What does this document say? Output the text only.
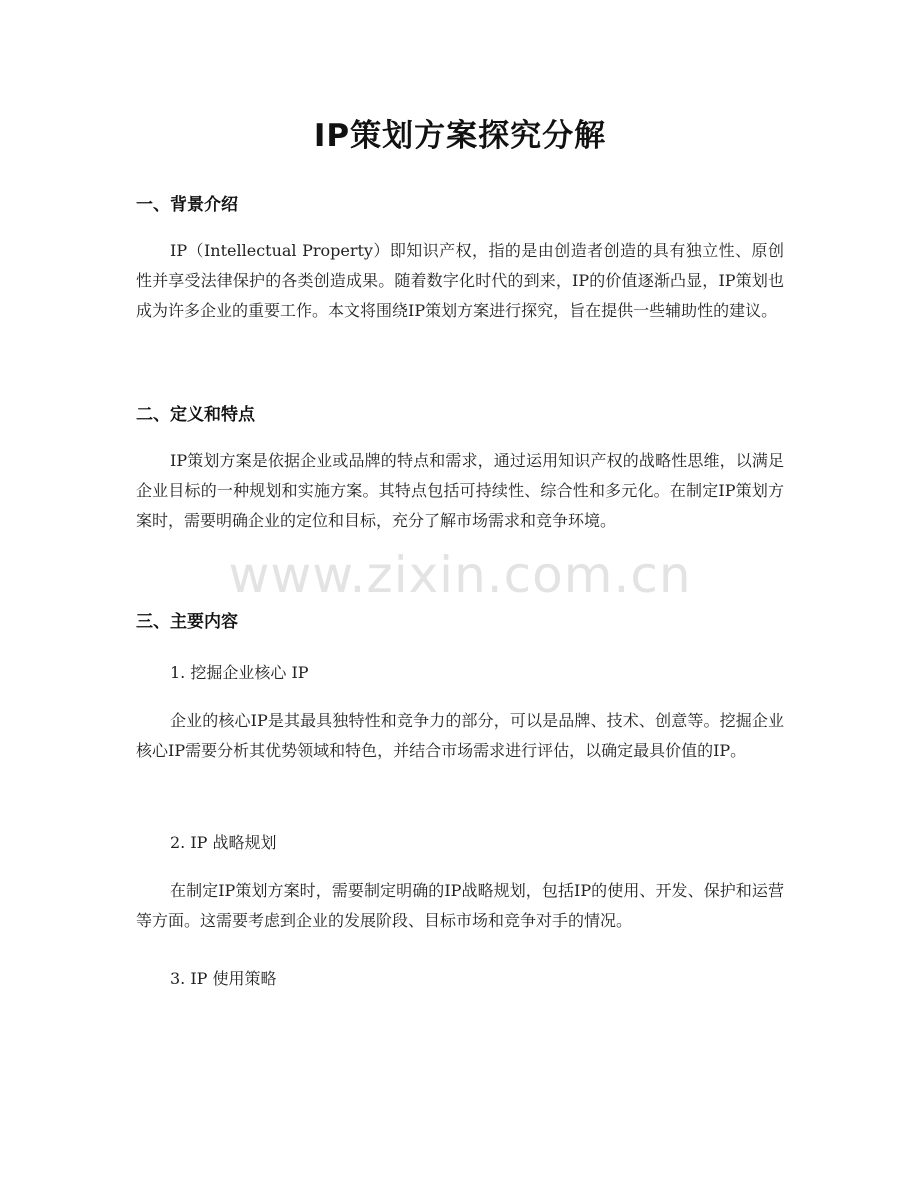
IP策划方案探究分解
一、背景介绍

IP（Intellectual Property）即知识产权，指的是由创造者创造的具有独立性、原创性并享受法律保护的各类创造成果。随着数字化时代的到来，IP的价值逐渐凸显，IP策划也成为许多企业的重要工作。本文将围绕IP策划方案进行探究，旨在提供一些辅助性的建议。

二、定义和特点

IP策划方案是依据企业或品牌的特点和需求，通过运用知识产权的战略性思维，以满足企业目标的一种规划和实施方案。其特点包括可持续性、综合性和多元化。在制定IP策划方案时，需要明确企业的定位和目标，充分了解市场需求和竞争环境。

www.zixin.com.cn
三、主要内容
1. 挖掘企业核心 IP

企业的核心IP是其最具独特性和竞争力的部分，可以是品牌、技术、创意等。挖掘企业核心IP需要分析其优势领域和特色，并结合市场需求进行评估，以确定最具价值的IP。

2. IP 战略规划

在制定IP策划方案时，需要制定明确的IP战略规划，包括IP的使用、开发、保护和运营等方面。这需要考虑到企业的发展阶段、目标市场和竞争对手的情况。

3. IP 使用策略
